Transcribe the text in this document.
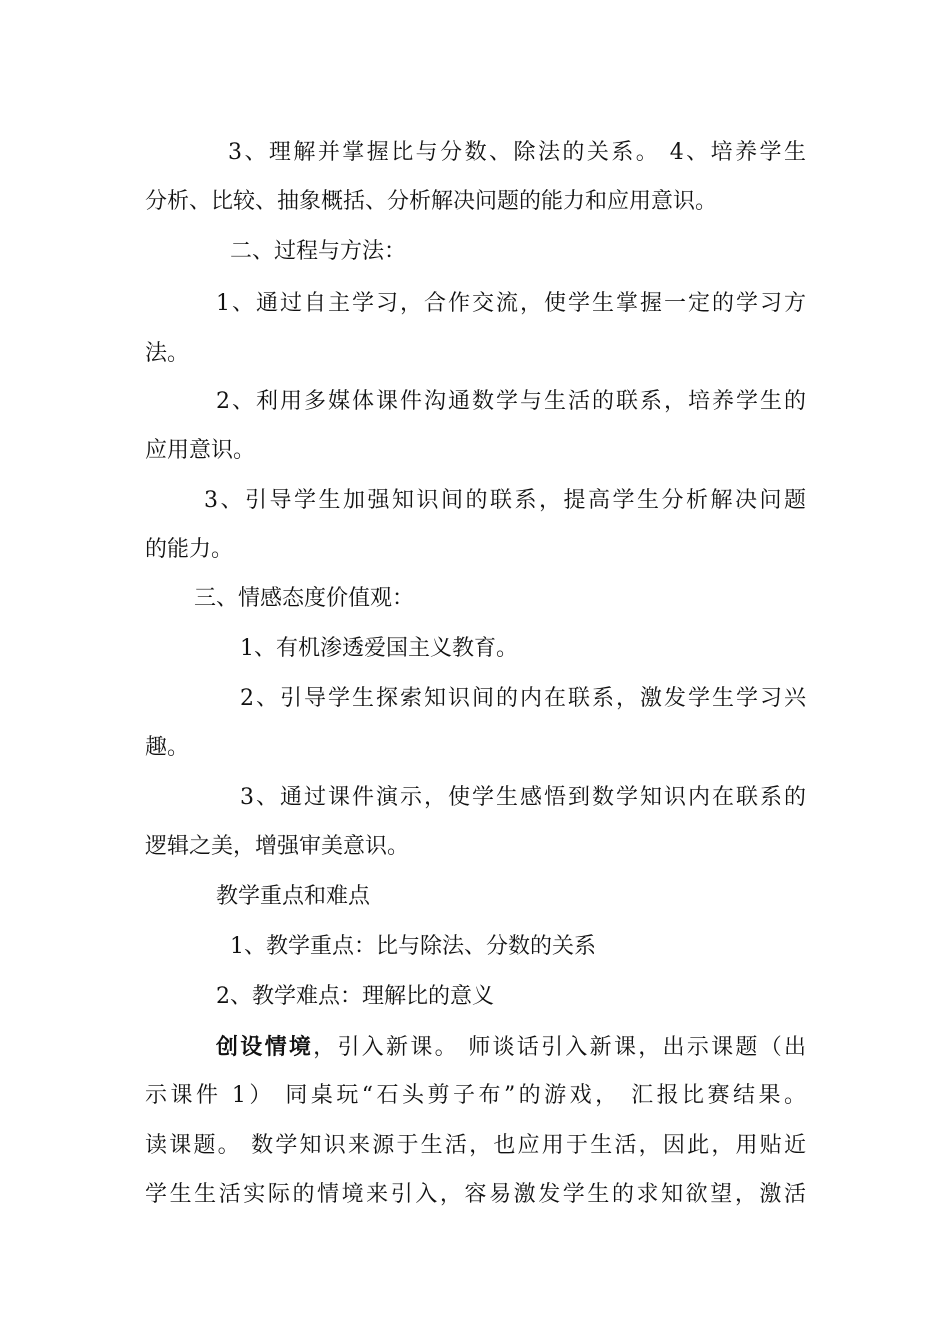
3、理解并掌握比与分数、除法的关系。 4、培养学生
分析、比较、抽象概括、分析解决问题的能力和应用意识。
二、过程与方法：
1、通过自主学习，合作交流，使学生掌握一定的学习方
法。
2、利用多媒体课件沟通数学与生活的联系，培养学生的
应用意识。
3、引导学生加强知识间的联系，提高学生分析解决问题
的能力。
三、情感态度价值观：
1、有机渗透爱国主义教育。
2、引导学生探索知识间的内在联系，激发学生学习兴
趣。
3、通过课件演示，使学生感悟到数学知识内在联系的
逻辑之美，增强审美意识。
教学重点和难点
1、教学重点：比与除法、分数的关系
2、教学难点：理解比的意义
创设情境，引入新课。 师谈话引入新课，出示课题（出
示课件 1） 同桌玩“石头剪子布”的游戏， 汇报比赛结果。
读课题。 数学知识来源于生活，也应用于生活，因此，用贴近
学生生活实际的情境来引入，容易激发学生的求知欲望，激活
